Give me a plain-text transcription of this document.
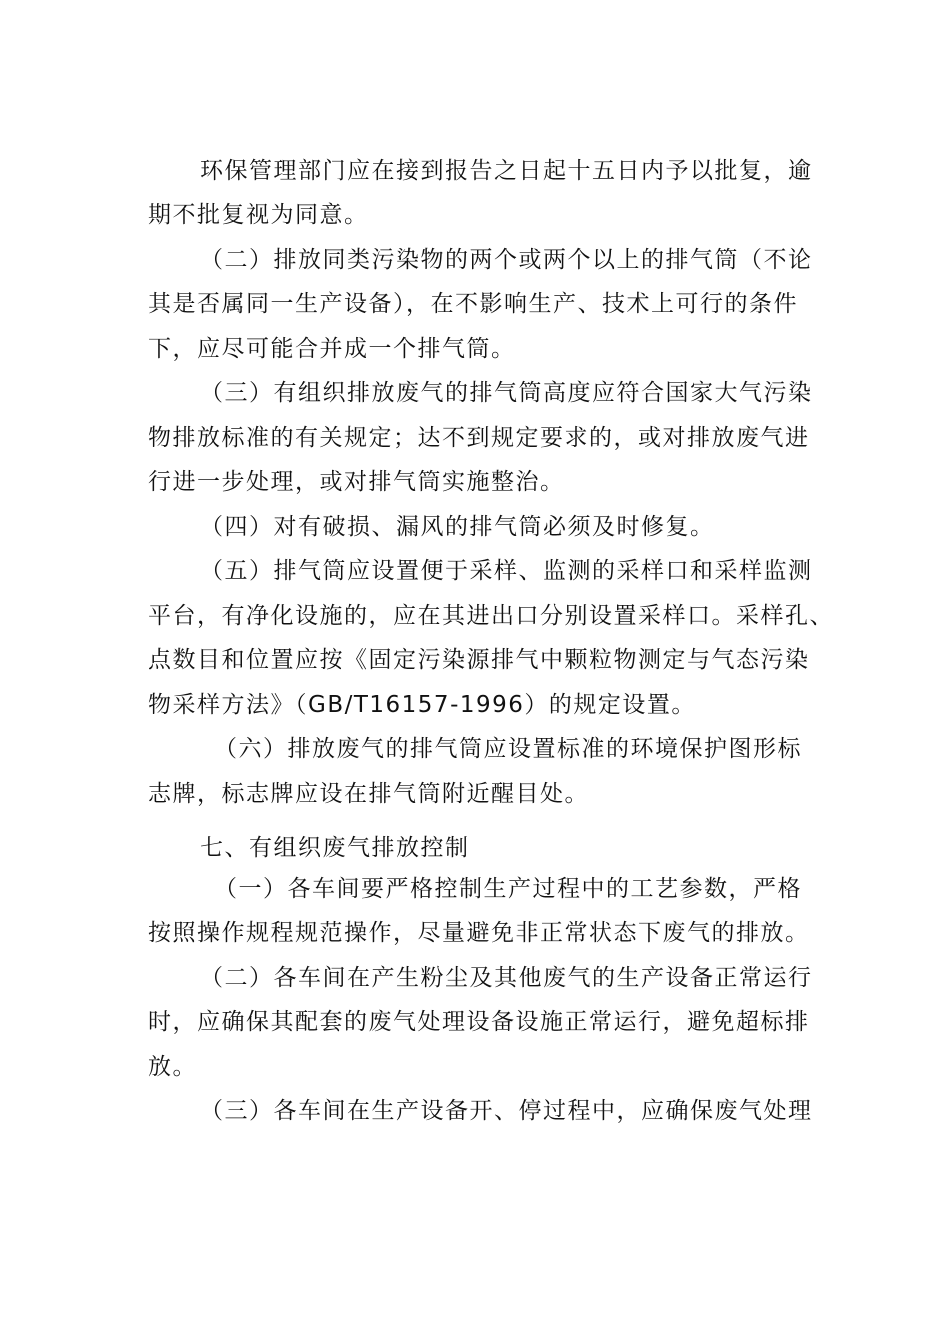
环保管理部门应在接到报告之日起十五日内予以批复，逾
期不批复视为同意。
（二）排放同类污染物的两个或两个以上的排气筒（不论
其是否属同一生产设备），在不影响生产、技术上可行的条件
下，应尽可能合并成一个排气筒。
（三）有组织排放废气的排气筒高度应符合国家大气污染
物排放标准的有关规定；达不到规定要求的，或对排放废气进
行进一步处理，或对排气筒实施整治。
（四）对有破损、漏风的排气筒必须及时修复。
（五）排气筒应设置便于采样、监测的采样口和采样监测
平台，有净化设施的，应在其进出口分别设置采样口。采样孔、
点数目和位置应按《固定污染源排气中颗粒物测定与气态污染
物采样方法》（GB/T16157-1996）的规定设置。
（六）排放废气的排气筒应设置标准的环境保护图形标
志牌，标志牌应设在排气筒附近醒目处。
七、有组织废气排放控制
（一）各车间要严格控制生产过程中的工艺参数，严格
按照操作规程规范操作，尽量避免非正常状态下废气的排放。
（二）各车间在产生粉尘及其他废气的生产设备正常运行
时，应确保其配套的废气处理设备设施正常运行，避免超标排
放。
（三）各车间在生产设备开、停过程中，应确保废气处理
